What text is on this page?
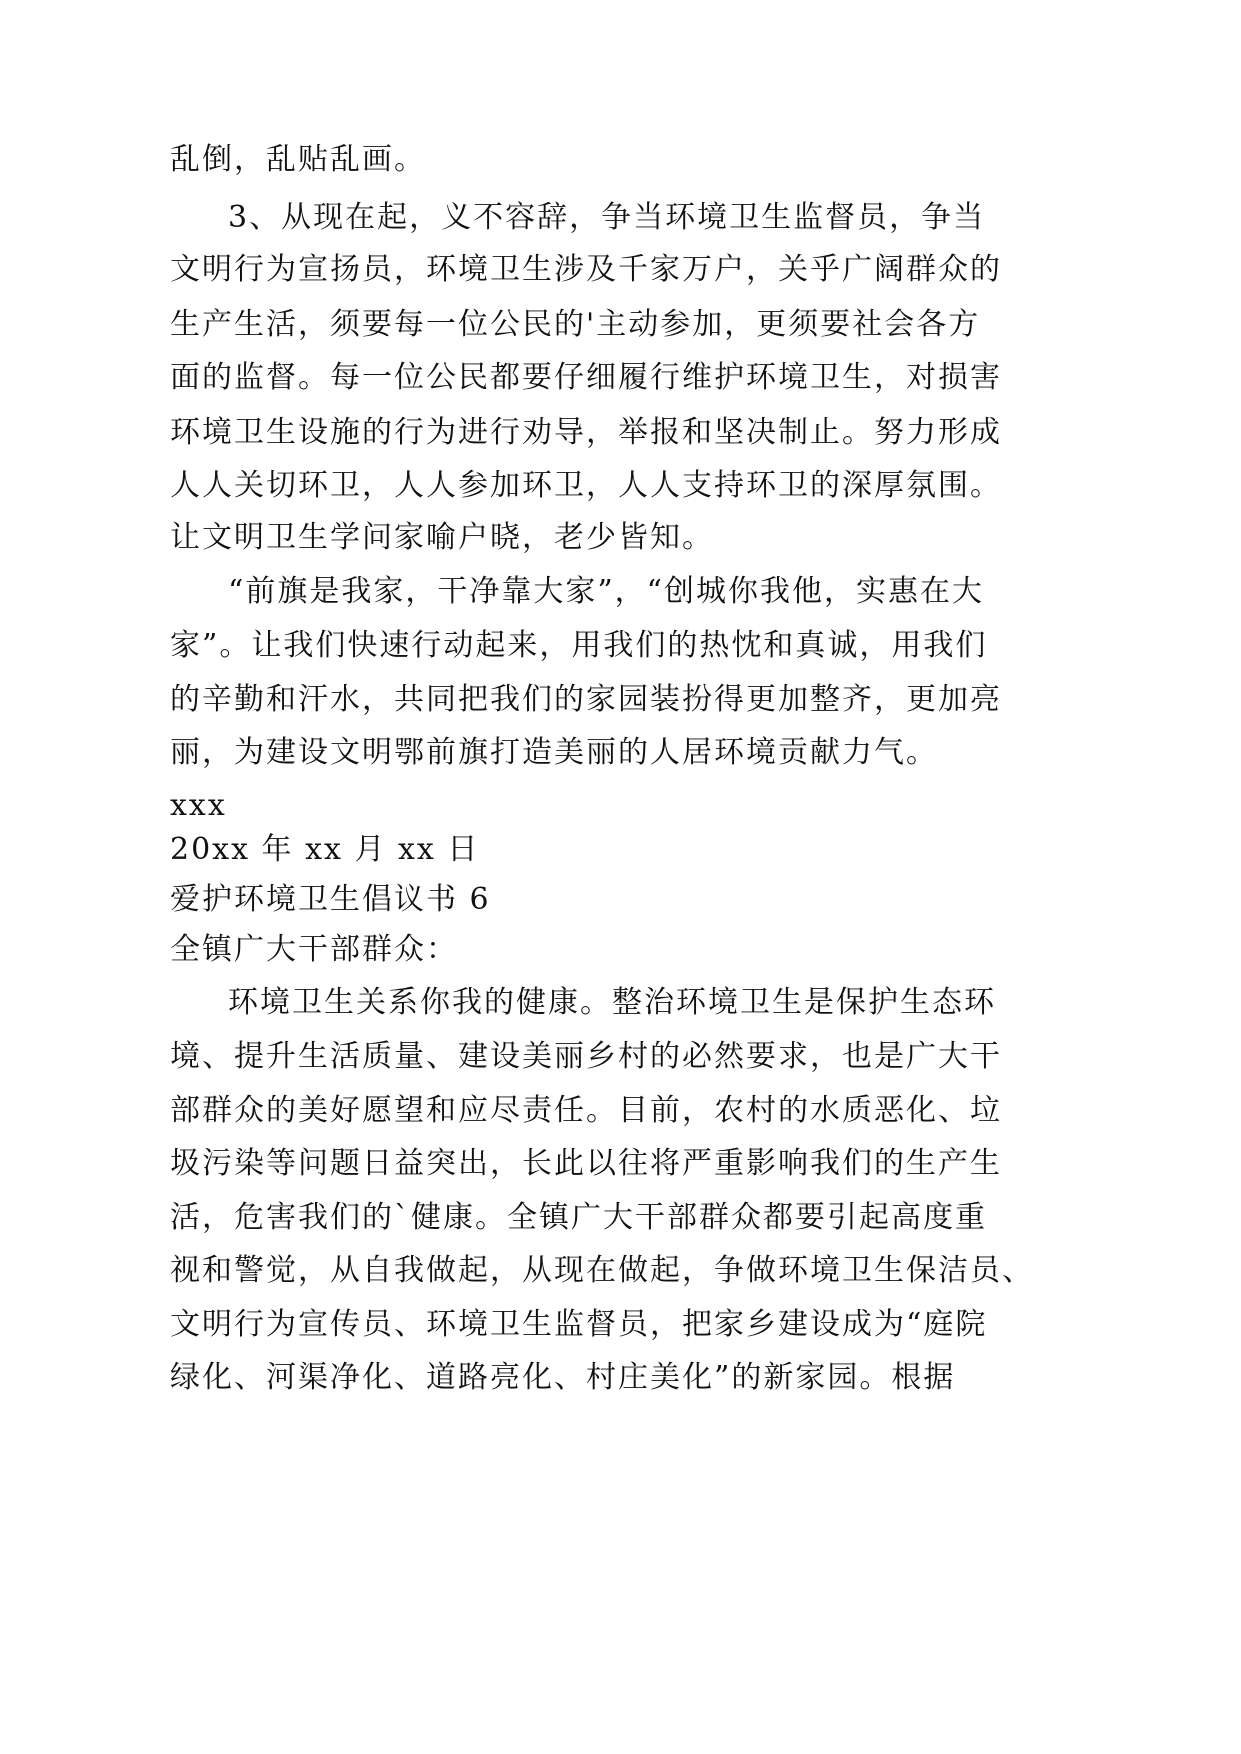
乱倒，乱贴乱画。
3、从现在起，义不容辞，争当环境卫生监督员，争当
文明行为宣扬员，环境卫生涉及千家万户，关乎广阔群众的
生产生活，须要每一位公民的'主动参加，更须要社会各方
面的监督。每一位公民都要仔细履行维护环境卫生，对损害
环境卫生设施的行为进行劝导，举报和坚决制止。努力形成
人人关切环卫，人人参加环卫，人人支持环卫的深厚氛围。
让文明卫生学问家喻户晓，老少皆知。
“前旗是我家，干净靠大家”，“创城你我他，实惠在大
家”。让我们快速行动起来，用我们的热忱和真诚，用我们
的辛勤和汗水，共同把我们的家园装扮得更加整齐，更加亮
丽，为建设文明鄂前旗打造美丽的人居环境贡献力气。
xxx
20xx 年 xx 月 xx 日
爱护环境卫生倡议书 6
全镇广大干部群众：
环境卫生关系你我的健康。整治环境卫生是保护生态环
境、提升生活质量、建设美丽乡村的必然要求，也是广大干
部群众的美好愿望和应尽责任。目前，农村的水质恶化、垃
圾污染等问题日益突出，长此以往将严重影响我们的生产生
活，危害我们的`健康。全镇广大干部群众都要引起高度重
视和警觉，从自我做起，从现在做起，争做环境卫生保洁员、
文明行为宣传员、环境卫生监督员，把家乡建设成为“庭院
绿化、河渠净化、道路亮化、村庄美化”的新家园。根据
